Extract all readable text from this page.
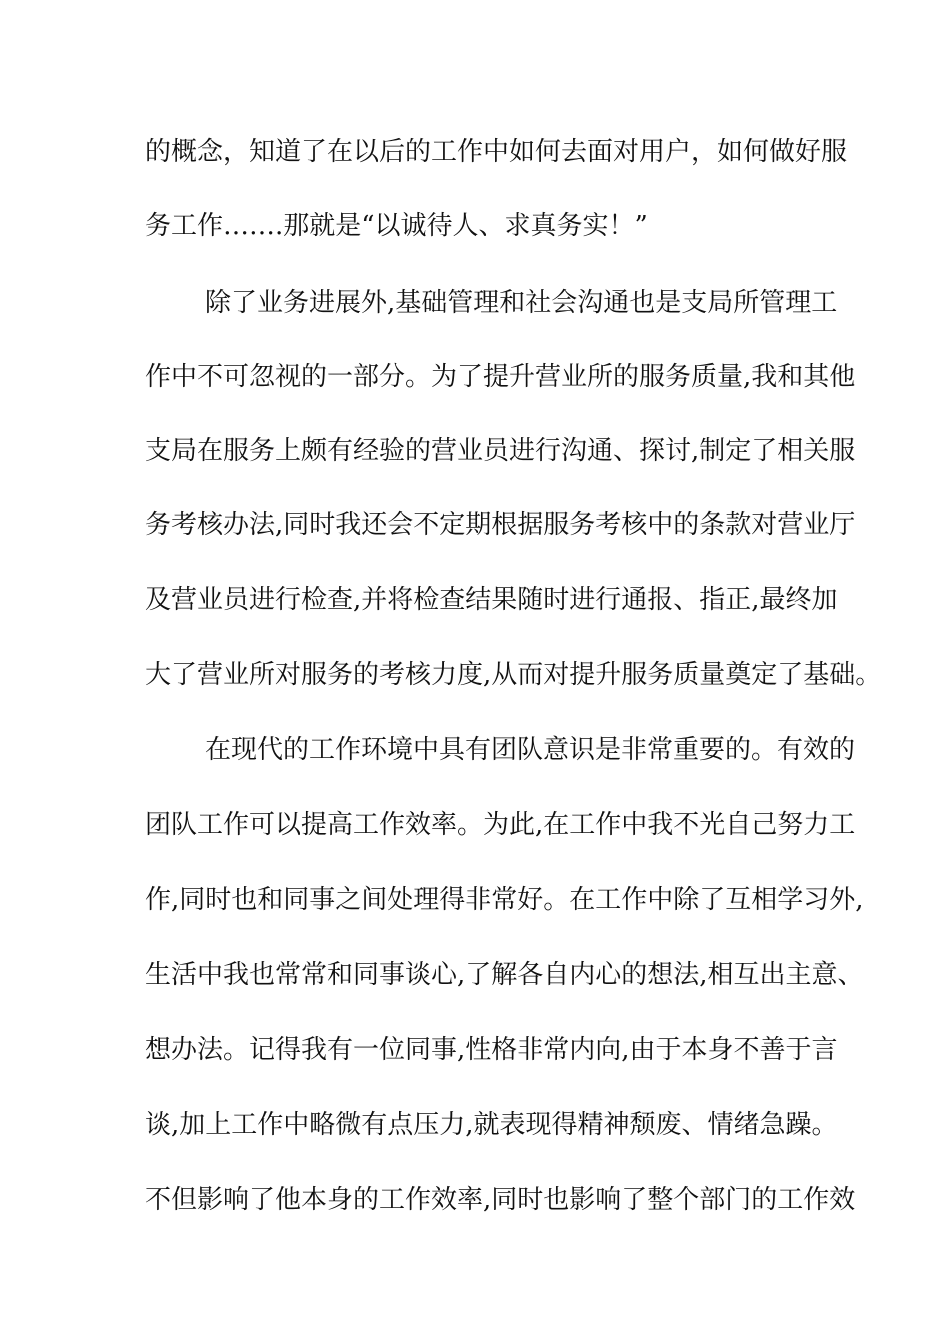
的概念，知道了在以后的工作中如何去面对用户，如何做好服
务工作…….那就是“以诚待人、求真务实！”
除了业务进展外,基础管理和社会沟通也是支局所管理工
作中不可忽视的一部分。为了提升营业所的服务质量,我和其他
支局在服务上颇有经验的营业员进行沟通、探讨,制定了相关服
务考核办法,同时我还会不定期根据服务考核中的条款对营业厅
及营业员进行检查,并将检查结果随时进行通报、指正,最终加
大了营业所对服务的考核力度,从而对提升服务质量奠定了基础。
在现代的工作环境中具有团队意识是非常重要的。有效的
团队工作可以提高工作效率。为此,在工作中我不光自己努力工
作,同时也和同事之间处理得非常好。在工作中除了互相学习外,
生活中我也常常和同事谈心,了解各自内心的想法,相互出主意、
想办法。记得我有一位同事,性格非常内向,由于本身不善于言
谈,加上工作中略微有点压力,就表现得精神颓废、情绪急躁。
不但影响了他本身的工作效率,同时也影响了整个部门的工作效
